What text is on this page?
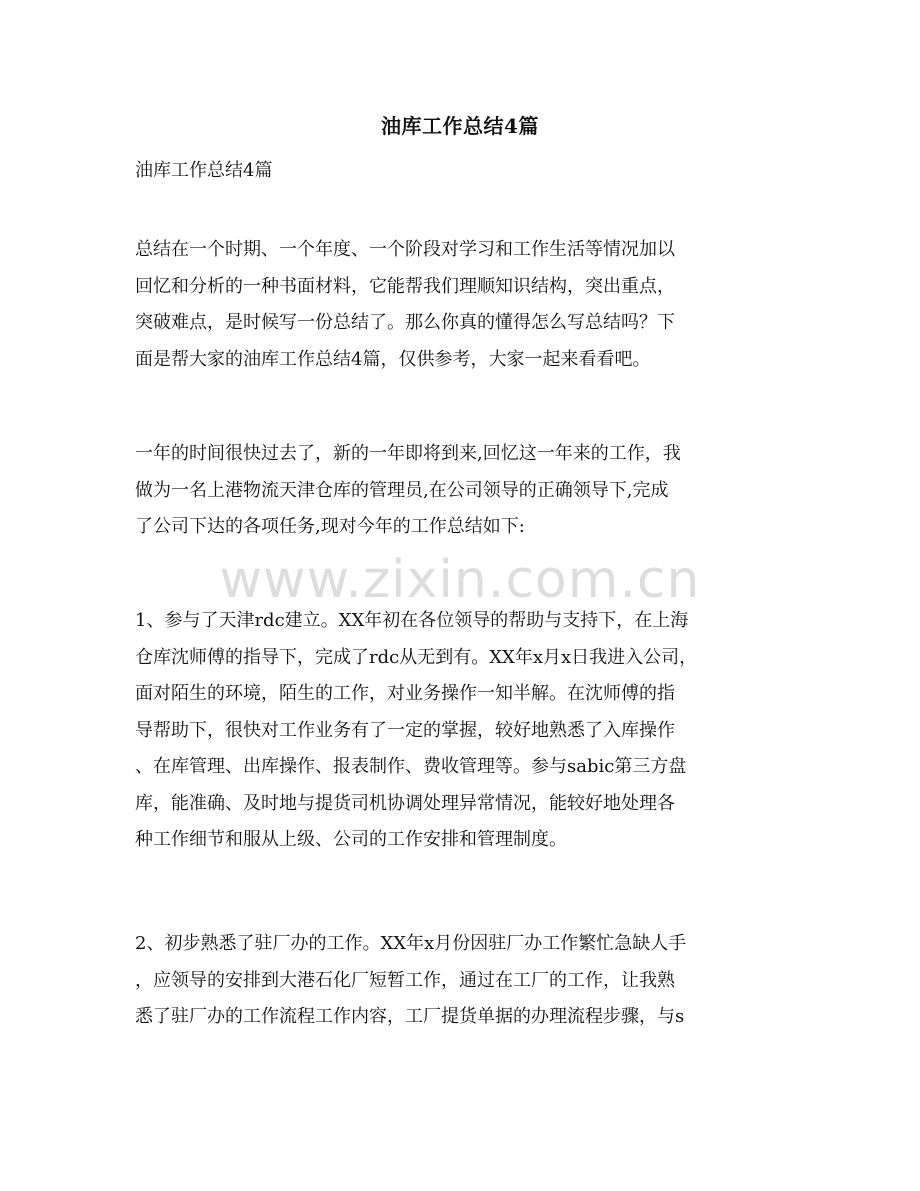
www.zixin.com.cn
油库工作总结4篇
油库工作总结4篇
总结在一个时期、一个年度、一个阶段对学习和工作生活等情况加以
回忆和分析的一种书面材料，它能帮我们理顺知识结构，突出重点，
突破难点，是时候写一份总结了。那么你真的懂得怎么写总结吗？下
面是帮大家的油库工作总结4篇，仅供参考，大家一起来看看吧。
一年的时间很快过去了，新的一年即将到来,回忆这一年来的工作，我
做为一名上港物流天津仓库的管理员,在公司领导的正确领导下,完成
了公司下达的各项任务,现对今年的工作总结如下:
1、参与了天津rdc建立。XX年初在各位领导的帮助与支持下，在上海
仓库沈师傅的指导下，完成了rdc从无到有。XX年x月x日我进入公司，
面对陌生的环境，陌生的工作，对业务操作一知半解。在沈师傅的指
导帮助下，很快对工作业务有了一定的掌握，较好地熟悉了入库操作
、在库管理、出库操作、报表制作、费收管理等。参与sabic第三方盘
库，能准确、及时地与提货司机协调处理异常情况，能较好地处理各
种工作细节和服从上级、公司的工作安排和管理制度。
2、初步熟悉了驻厂办的工作。XX年x月份因驻厂办工作繁忙急缺人手
，应领导的安排到大港石化厂短暂工作，通过在工厂的工作，让我熟
悉了驻厂办的工作流程工作内容，工厂提货单据的办理流程步骤，与s
